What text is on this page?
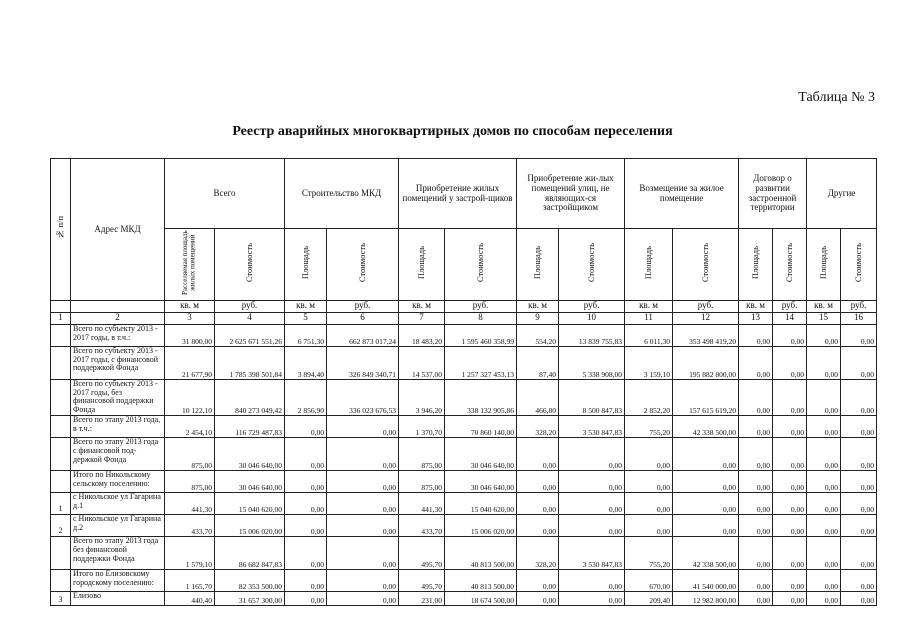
Таблица № 3
Реестр аварийных многоквартирных домов по способам переселения
№ п/п	Адрес МКД	Всего		Строительство МКД		Приобретение жилых помещений у застрой-щиков		Приобретение жи-лых помещений улиц, не являющих-ся застройщиком		Возмещение за жилое помещение		Договор о развитии застроенной территории		Другие	
		Расселяемая площадь жилых помещений	Стоимость	Площадь	Стоимость	Площадь	Стоимость	Площадь	Стоимость	Площадь	Стоимость	Площадь	Стоимость	Площадь	Стоимость
		кв. м	руб.	кв. м	руб.	кв. м	руб.	кв. м	руб.	кв. м	руб.	кв. м	руб.	кв. м	руб.
1	2	3	4	5	6	7	8	9	10	11	12	13	14	15	16
	Всего по субъекту 2013 - 2017 годы, в т.ч.:	31 800,00	2 625 671 551,26	6 751,30	662 873 017,24	18 483,20	1 595 460 358,99	554,20	13 839 755,83	6 011,30	353 498 419,20	0,00	0,00	0,00	0,00
	Всего по субъекту 2013 - 2017 годы, с финансовой поддержкой Фонда	21 677,90	1 785 398 501,84	3 894,40	326 849 340,71	14 537,00	1 257 327 453,13	87,40	5 338 908,00	3 159,10	195 882 800,00	0,00	0,00	0,00	0,00
	Всего по субъекту 2013 - 2017 годы, без финансовой поддержки Фонда	10 122,10	840 273 049,42	2 856,90	336 023 676,53	3 946,20	338 132 905,86	466,80	8 500 847,83	2 852,20	157 615 619,20	0,00	0,00	0,00	0,00
	Всего по этапу 2013 года, в т.ч.:	2 454,10	116 729 487,83	0,00	0,00	1 370,70	70 860 140,00	328,20	3 530 847,83	755,20	42 338 500,00	0,00	0,00	0,00	0,00
	Всего по этапу 2013 года с финансовой под-держкой Фонда	875,00	30 046 640,00	0,00	0,00	875,00	30 046 640,00	0,00	0,00	0,00	0,00	0,00	0,00	0,00	0,00
	Итого по Никольскому сельскому поселению:	875,00	30 046 640,00	0,00	0,00	875,00	30 046 640,00	0,00	0,00	0,00	0,00	0,00	0,00	0,00	0,00
1	с Никольское ул Гагарина д.1	441,30	15 040 620,00	0,00	0,00	441,30	15 040 620,00	0,00	0,00	0,00	0,00	0,00	0,00	0,00	0,00
2	с Никольское ул Гагарина д.2	433,70	15 006 020,00	0,00	0,00	433,70	15 006 020,00	0,00	0,00	0,00	0,00	0,00	0,00	0,00	0,00
	Всего по этапу 2013 года без финансовой поддержки Фонда	1 579,10	86 682 847,83	0,00	0,00	495,70	40 813 500,00	328,20	3 530 847,83	755,20	42 338 500,00	0,00	0,00	0,00	0,00
	Итого по Елизовскому городскому поселению:	1 165,70	82 353 500,00	0,00	0,00	495,70	40 813 500,00	0,00	0,00	670,00	41 540 000,00	0,00	0,00	0,00	0,00
3	Елизово	440,40	31 657 300,00	0,00	0,00	231,00	18 674 500,00	0,00	0,00	209,40	12 982 800,00	0,00	0,00	0,00	0,00
